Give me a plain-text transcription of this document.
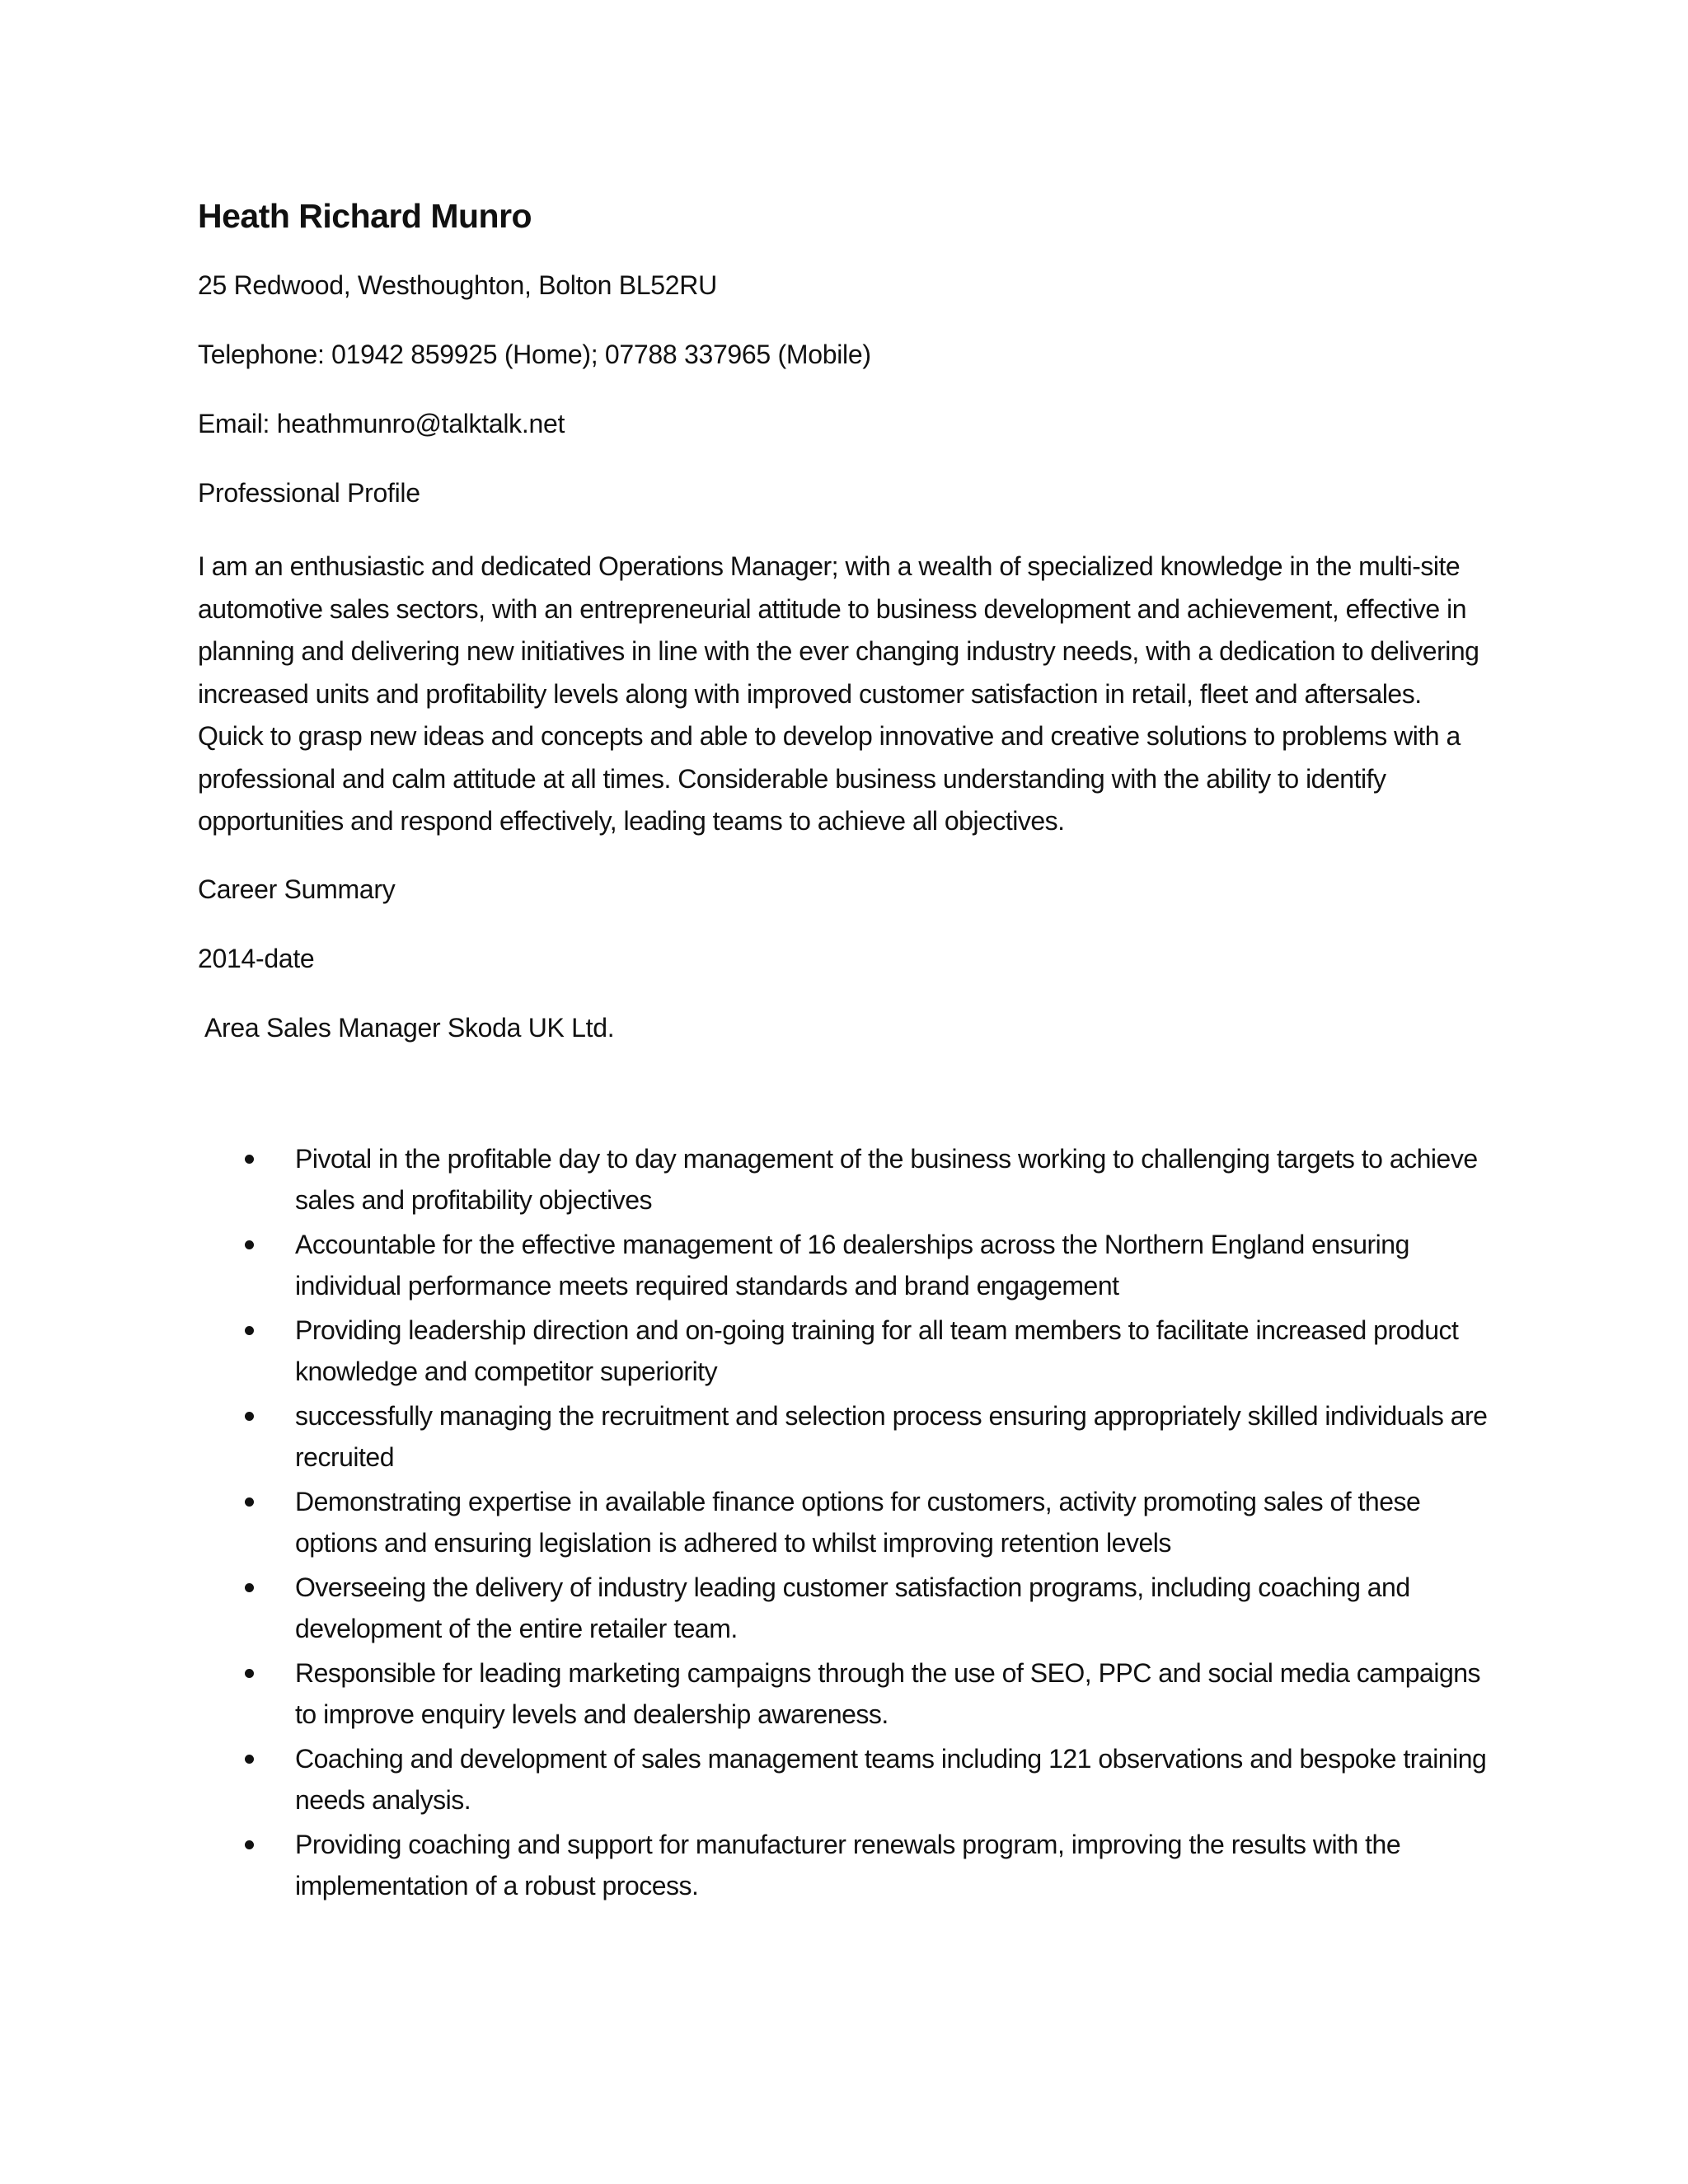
Heath Richard Munro

25 Redwood, Westhoughton, Bolton BL52RU

Telephone: 01942 859925 (Home); 07788 337965 (Mobile)

Email: heathmunro@talktalk.net

Professional Profile

I am an enthusiastic and dedicated Operations Manager; with a wealth of specialized knowledge in the multi-site automotive sales sectors, with an entrepreneurial attitude to business development and achievement, effective in planning and delivering new initiatives in line with the ever changing industry needs, with a dedication to delivering increased units and profitability levels along with improved customer satisfaction in retail, fleet and aftersales. Quick to grasp new ideas and concepts and able to develop innovative and creative solutions to problems with a professional and calm attitude at all times. Considerable business understanding with the ability to identify opportunities and respond effectively, leading teams to achieve all objectives.

Career Summary

2014-date

Area Sales Manager Skoda UK Ltd.

Pivotal in the profitable day to day management of the business working to challenging targets to achieve sales and profitability objectives
Accountable for the effective management of 16 dealerships across the Northern England ensuring individual performance meets required standards and brand engagement
Providing leadership direction and on-going training for all team members to facilitate increased product knowledge and competitor superiority
successfully managing the recruitment and selection process ensuring appropriately skilled individuals are recruited
Demonstrating expertise in available finance options for customers, activity promoting sales of these options and ensuring legislation is adhered to whilst improving retention levels
Overseeing the delivery of industry leading customer satisfaction programs, including coaching and development of the entire retailer team.
Responsible for leading marketing campaigns through the use of SEO, PPC and social media campaigns to improve enquiry levels and dealership awareness.
Coaching and development of sales management teams including 121 observations and bespoke training needs analysis.
Providing coaching and support for manufacturer renewals program, improving the results with the implementation of a robust process.
